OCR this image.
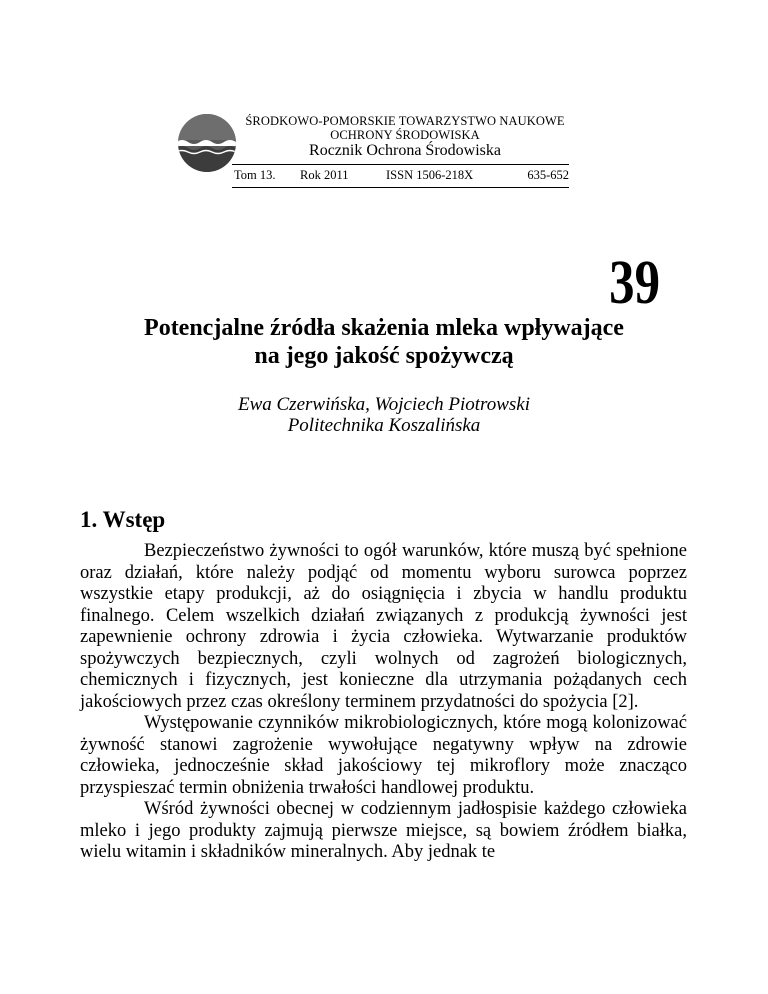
ŚRODKOWO-POMORSKIE TOWARZYSTWO NAUKOWE
OCHRONY ŚRODOWISKA
Rocznik Ochrona Środowiska
Tom 13. Rok 2011	ISSN 1506-218X	635-652
39
Potencjalne źródła skażenia mleka wpływające
na jego jakość spożywczą
Ewa Czerwińska, Wojciech Piotrowski
Politechnika Koszalińska
1. Wstęp

Bezpieczeństwo żywności to ogół warunków, które muszą być spełnione oraz działań, które należy podjąć od momentu wyboru surowca poprzez wszystkie etapy produkcji, aż do osiągnięcia i zbycia w handlu produktu finalnego. Celem wszelkich działań związanych z produkcją żywności jest zapewnienie ochrony zdrowia i życia człowieka. Wytwarzanie produktów spożywczych bezpiecznych, czyli wolnych od zagrożeń biologicznych, chemicznych i fizycznych, jest konieczne dla utrzymania pożądanych cech jakościowych przez czas określony terminem przydatności do spożycia [2].

Występowanie czynników mikrobiologicznych, które mogą kolonizować żywność stanowi zagrożenie wywołujące negatywny wpływ na zdrowie człowieka, jednocześnie skład jakościowy tej mikroflory może znacząco przyspieszać termin obniżenia trwałości handlowej produktu.

Wśród żywności obecnej w codziennym jadłospisie każdego człowieka mleko i jego produkty zajmują pierwsze miejsce, są bowiem źródłem białka, wielu witamin i składników mineralnych. Aby jednak te
